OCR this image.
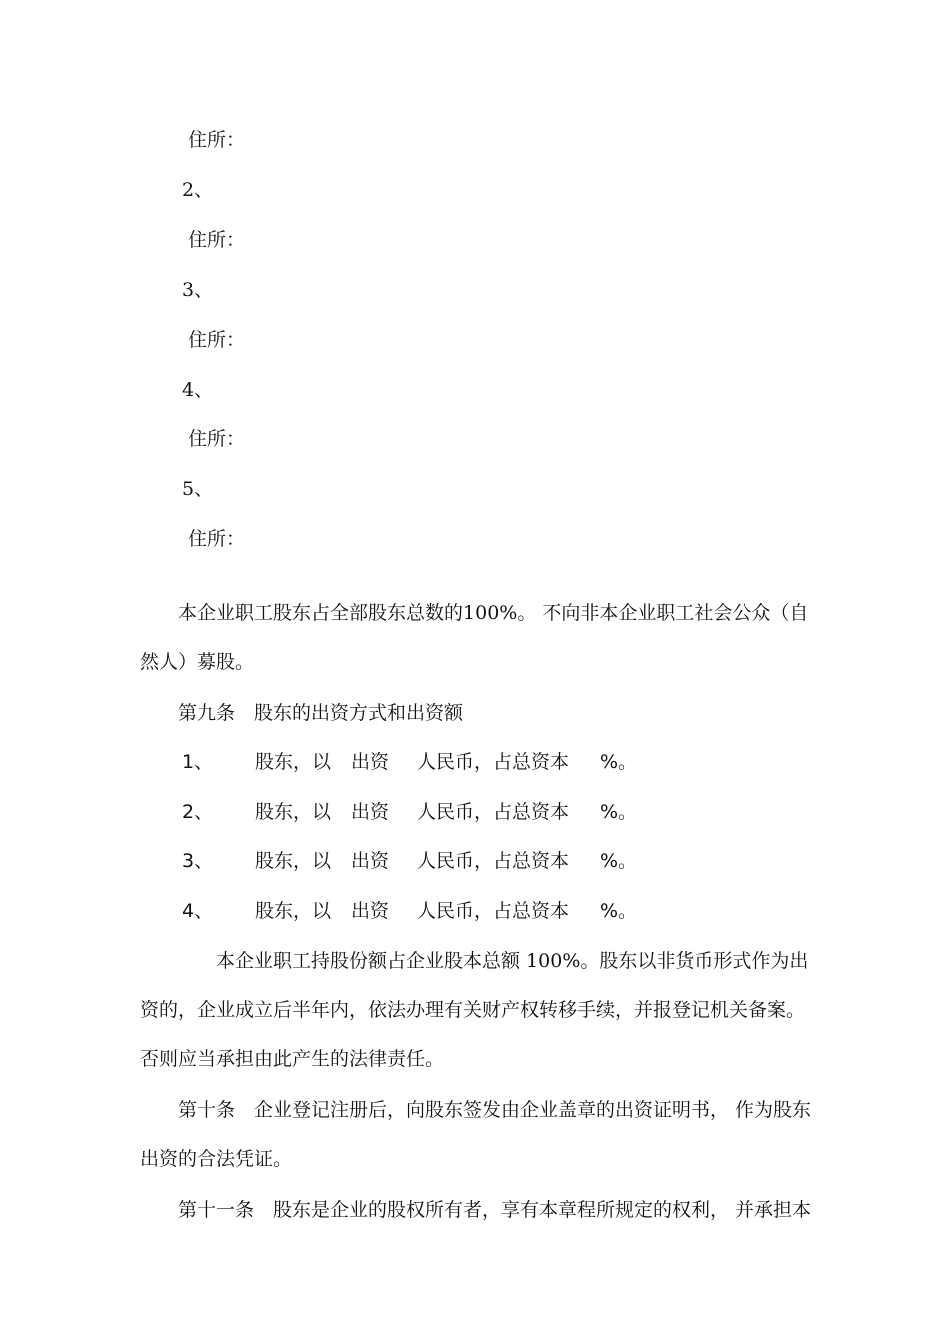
住所：
2、
住所：
3、
住所：
4、
住所：
5、
住所：
本企业职工股东占全部股东总数的100%。 不向非本企业职工社会公众（自
然人）募股。
第九条　股东的出资方式和出资额
1、 股东，以 出资 人民币，占总资本 %。
2、 股东，以 出资 人民币，占总资本 %。
3、 股东，以 出资 人民币，占总资本 %。
4、 股东，以 出资 人民币，占总资本 %。
本企业职工持股份额占企业股本总额 100%。股东以非货币形式作为出
资的，企业成立后半年内，依法办理有关财产权转移手续，并报登记机关备案。
否则应当承担由此产生的法律责任。
第十条　企业登记注册后，向股东签发由企业盖章的出资证明书， 作为股东
出资的合法凭证。
第十一条　股东是企业的股权所有者，享有本章程所规定的权利， 并承担本
